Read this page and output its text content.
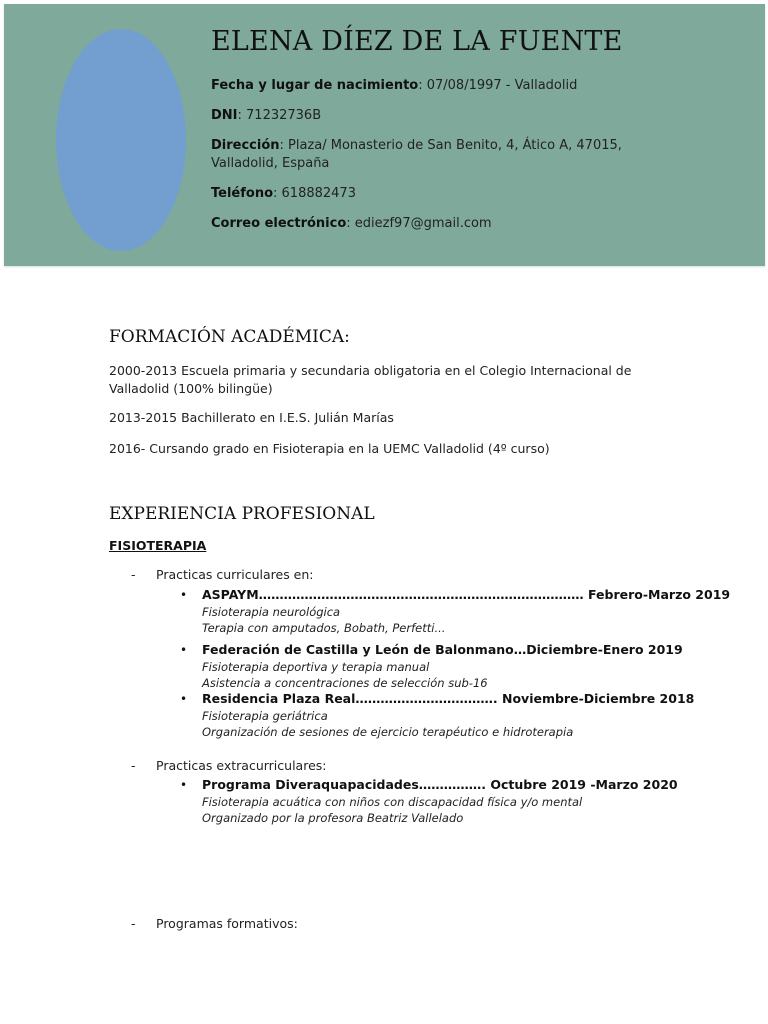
ELENA DÍEZ DE LA FUENTE
Fecha y lugar de nacimiento: 07/08/1997 - Valladolid
DNI: 71232736B
Dirección: Plaza/ Monasterio de San Benito, 4, Ático A, 47015, Valladolid, España
Teléfono: 618882473
Correo electrónico: ediezf97@gmail.com
FORMACIÓN ACADÉMICA:
2000-2013 Escuela primaria y secundaria obligatoria en el Colegio Internacional de Valladolid (100% bilingüe)
2013-2015 Bachillerato en I.E.S. Julián Marías
2016- Cursando grado en Fisioterapia en la UEMC Valladolid (4º curso)
EXPERIENCIA PROFESIONAL
FISIOTERAPIA
- Practicas curriculares en:
• ASPAYM…………………………………………………………………… Febrero-Marzo 2019
Fisioterapia neurológica
Terapia con amputados, Bobath, Perfetti...
• Federación de Castilla y León de Balonmano…Diciembre-Enero 2019
Fisioterapia deportiva y terapia manual
Asistencia a concentraciones de selección sub-16
• Residencia Plaza Real……………………………. Noviembre-Diciembre 2018
Fisioterapia geriátrica
Organización de sesiones de ejercicio terapéutico e hidroterapia
- Practicas extracurriculares:
• Programa Diveraquapacidades……………. Octubre 2019 -Marzo 2020
Fisioterapia acuática con niños con discapacidad física y/o mental
Organizado por la profesora Beatriz Vallelado
- Programas formativos:
